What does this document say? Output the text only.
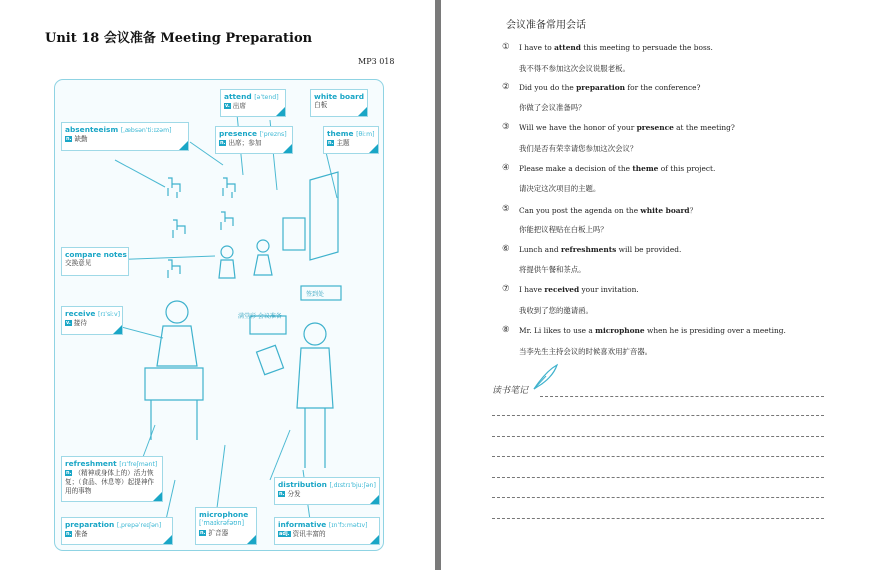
Unit 18 会议准备 Meeting Preparation
MP3 018
满堂彩 会议准备
签到处
attend [əˈtend]
v. 出席
white board
白板
absenteeism [ˌæbsənˈtiːɪzəm]
n. 缺勤
presence [ˈprezns]
n. 出席；参加
theme [θiːm]
n. 主题
compare notes
交换意见
receive [rɪˈsiːv]
v. 接待
refreshment [rɪˈfreʃmənt]
n. （精神或身体上的）活力恢复；（食品、休息等）起提神作用的事物
distribution [ˌdɪstrɪˈbjuːʃən]
n. 分发
microphone
[ˈmaɪkrəfəʊn]
n. 扩音器
preparation [ˌprepəˈreɪʃən]
n. 准备
informative [ɪnˈfɔːmətɪv]
adj. 资讯丰富的
会议准备常用会话
① I have to attend this meeting to persuade the boss.
我不得不参加这次会议说服老板。
② Did you do the preparation for the conference?
你做了会议准备吗？
③ Will we have the honor of your presence at the meeting?
我们是否有荣幸请您参加这次会议？
④ Please make a decision of the theme of this project.
请决定这次项目的主题。
⑤ Can you post the agenda on the white board？
你能把议程贴在白板上吗？
⑥ Lunch and refreshments will be provided.
将提供午餐和茶点。
⑦ I have received your invitation.
我收到了您的邀请函。
⑧ Mr. Li likes to use a microphone when he is presiding over a meeting.
当李先生主持会议的时候喜欢用扩音器。
读书笔记
